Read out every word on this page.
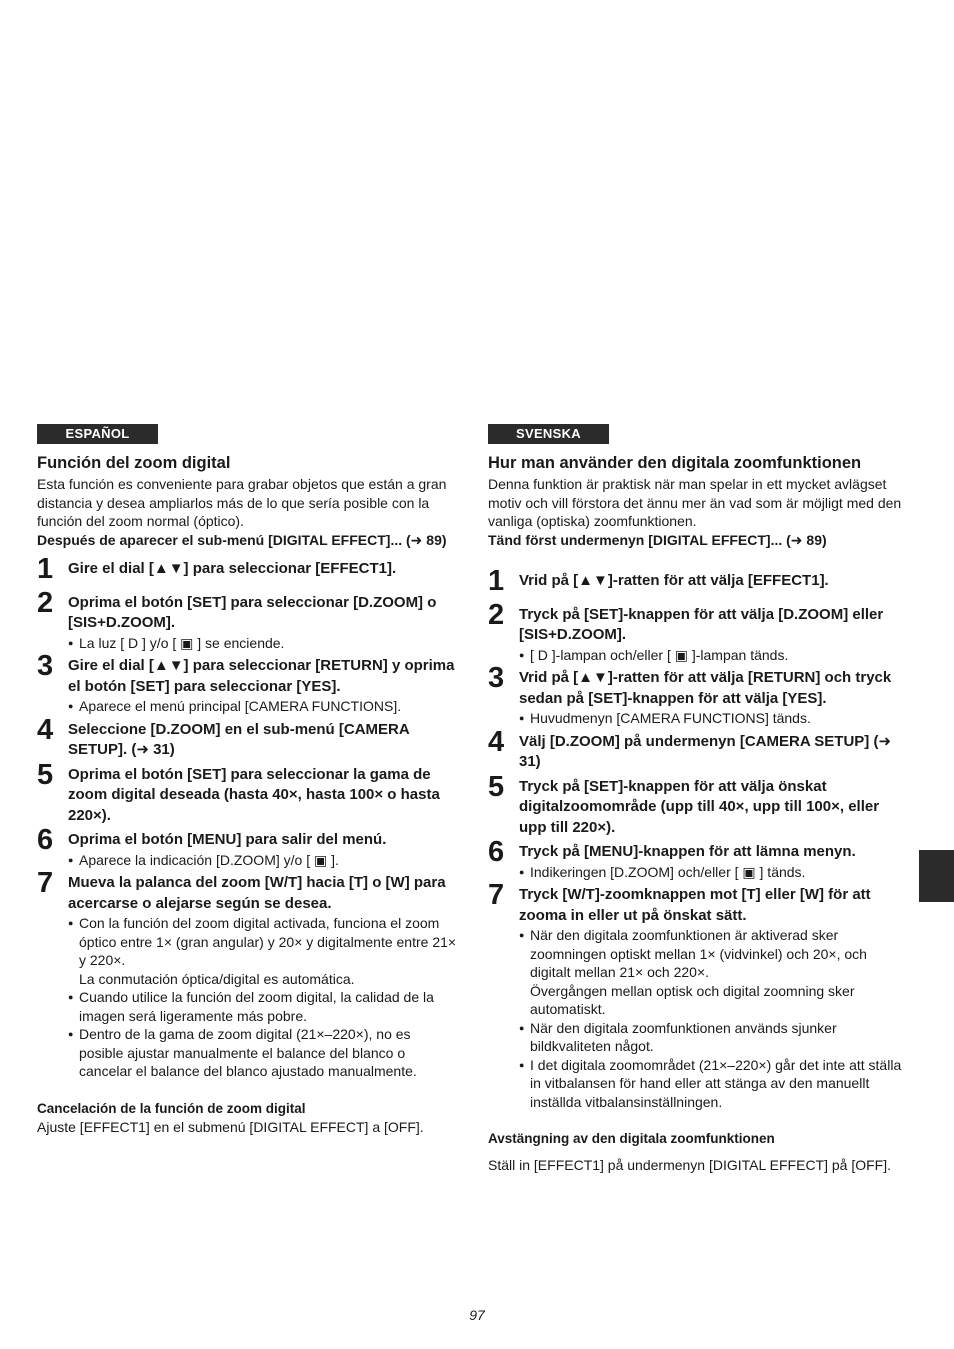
ESPAÑOL
Función del zoom digital
Esta función es conveniente para grabar objetos que están a gran distancia y desea ampliarlos más de lo que sería posible con la función del zoom normal (óptico).
Después de aparecer el sub-menú [DIGITAL EFFECT]... (➜ 89)
1 Gire el dial [▲▼] para seleccionar [EFFECT1].
2 Oprima el botón [SET] para seleccionar [D.ZOOM] o [SIS+D.ZOOM].
● La luz [ D ] y/o [ ▣ ] se enciende.
3 Gire el dial [▲▼] para seleccionar [RETURN] y oprima el botón [SET] para seleccionar [YES].
● Aparece el menú principal [CAMERA FUNCTIONS].
4 Seleccione [D.ZOOM] en el sub-menú [CAMERA SETUP]. (➜ 31)
5 Oprima el botón [SET] para seleccionar la gama de zoom digital deseada (hasta 40×, hasta 100× o hasta 220×).
6 Oprima el botón [MENU] para salir del menú.
● Aparece la indicación [D.ZOOM] y/o [ ▣ ].
7 Mueva la palanca del zoom [W/T] hacia [T] o [W] para acercarse o alejarse según se desea.
● Con la función del zoom digital activada, funciona el zoom óptico entre 1× (gran angular) y 20× y digitalmente entre 21× y 220×.
La conmutación óptica/digital es automática.
● Cuando utilice la función del zoom digital, la calidad de la imagen será ligeramente más pobre.
● Dentro de la gama de zoom digital (21×–220×), no es posible ajustar manualmente el balance del blanco o cancelar el balance del blanco ajustado manualmente.
Cancelación de la función de zoom digital
Ajuste [EFFECT1] en el submenú [DIGITAL EFFECT] a [OFF].
SVENSKA
Hur man använder den digitala zoomfunktionen
Denna funktion är praktisk när man spelar in ett mycket avlägset motiv och vill förstora det ännu mer än vad som är möjligt med den vanliga (optiska) zoomfunktionen.
Tänd först undermenyn [DIGITAL EFFECT]... (➜ 89)
1 Vrid på [▲▼]-ratten för att välja [EFFECT1].
2 Tryck på [SET]-knappen för att välja [D.ZOOM] eller [SIS+D.ZOOM].
● [ D ]-lampan och/eller [ ▣ ]-lampan tänds.
3 Vrid på [▲▼]-ratten för att välja [RETURN] och tryck sedan på [SET]-knappen för att välja [YES].
● Huvudmenyn [CAMERA FUNCTIONS] tänds.
4 Välj [D.ZOOM] på undermenyn [CAMERA SETUP] (➜ 31)
5 Tryck på [SET]-knappen för att välja önskat digitalzoomområde (upp till 40×, upp till 100×, eller upp till 220×).
6 Tryck på [MENU]-knappen för att lämna menyn.
● Indikeringen [D.ZOOM] och/eller [ ▣ ] tänds.
7 Tryck [W/T]-zoomknappen mot [T] eller [W] för att zooma in eller ut på önskat sätt.
● När den digitala zoomfunktionen är aktiverad sker zoomningen optiskt mellan 1× (vidvinkel) och 20×, och digitalt mellan 21× och 220×.
Övergången mellan optisk och digital zoomning sker automatiskt.
● När den digitala zoomfunktionen används sjunker bildkvaliteten något.
● I det digitala zoomområdet (21×–220×) går det inte att ställa in vitbalansen för hand eller att stänga av den manuellt inställda vitbalansinställningen.
Avstängning av den digitala zoomfunktionen
Ställ in [EFFECT1] på undermenyn [DIGITAL EFFECT] på [OFF].
97
